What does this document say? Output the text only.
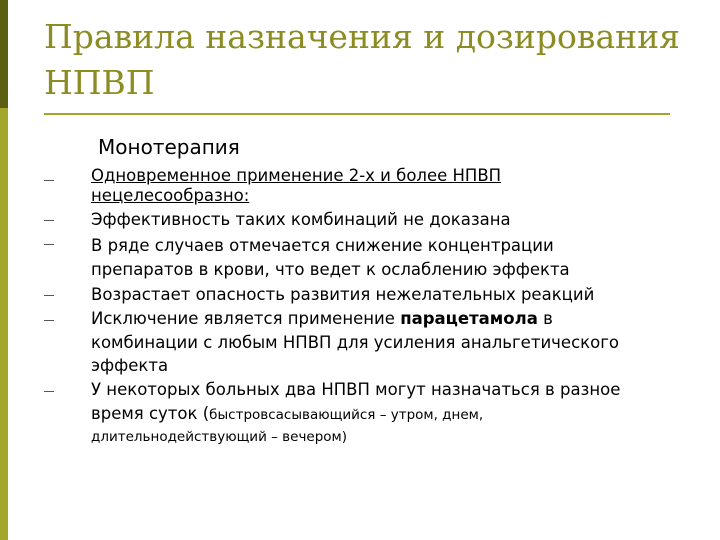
Правила назначения и дозирования
НПВП
Монотерапия
Одновременное применение 2-х и более НПВП
нецелесообразно:
Эффективность таких комбинаций не доказана
В ряде случаев отмечается снижение концентрации
препаратов в крови, что ведет к ослаблению эффекта
Возрастает опасность развития нежелательных реакций
Исключение является применение парацетамола в
комбинации с любым НПВП для усиления анальгетического
эффекта
У некоторых больных два НПВП могут назначаться в разное
время суток (быстровсасывающийся – утром, днем,
длительнодействующий – вечером)
